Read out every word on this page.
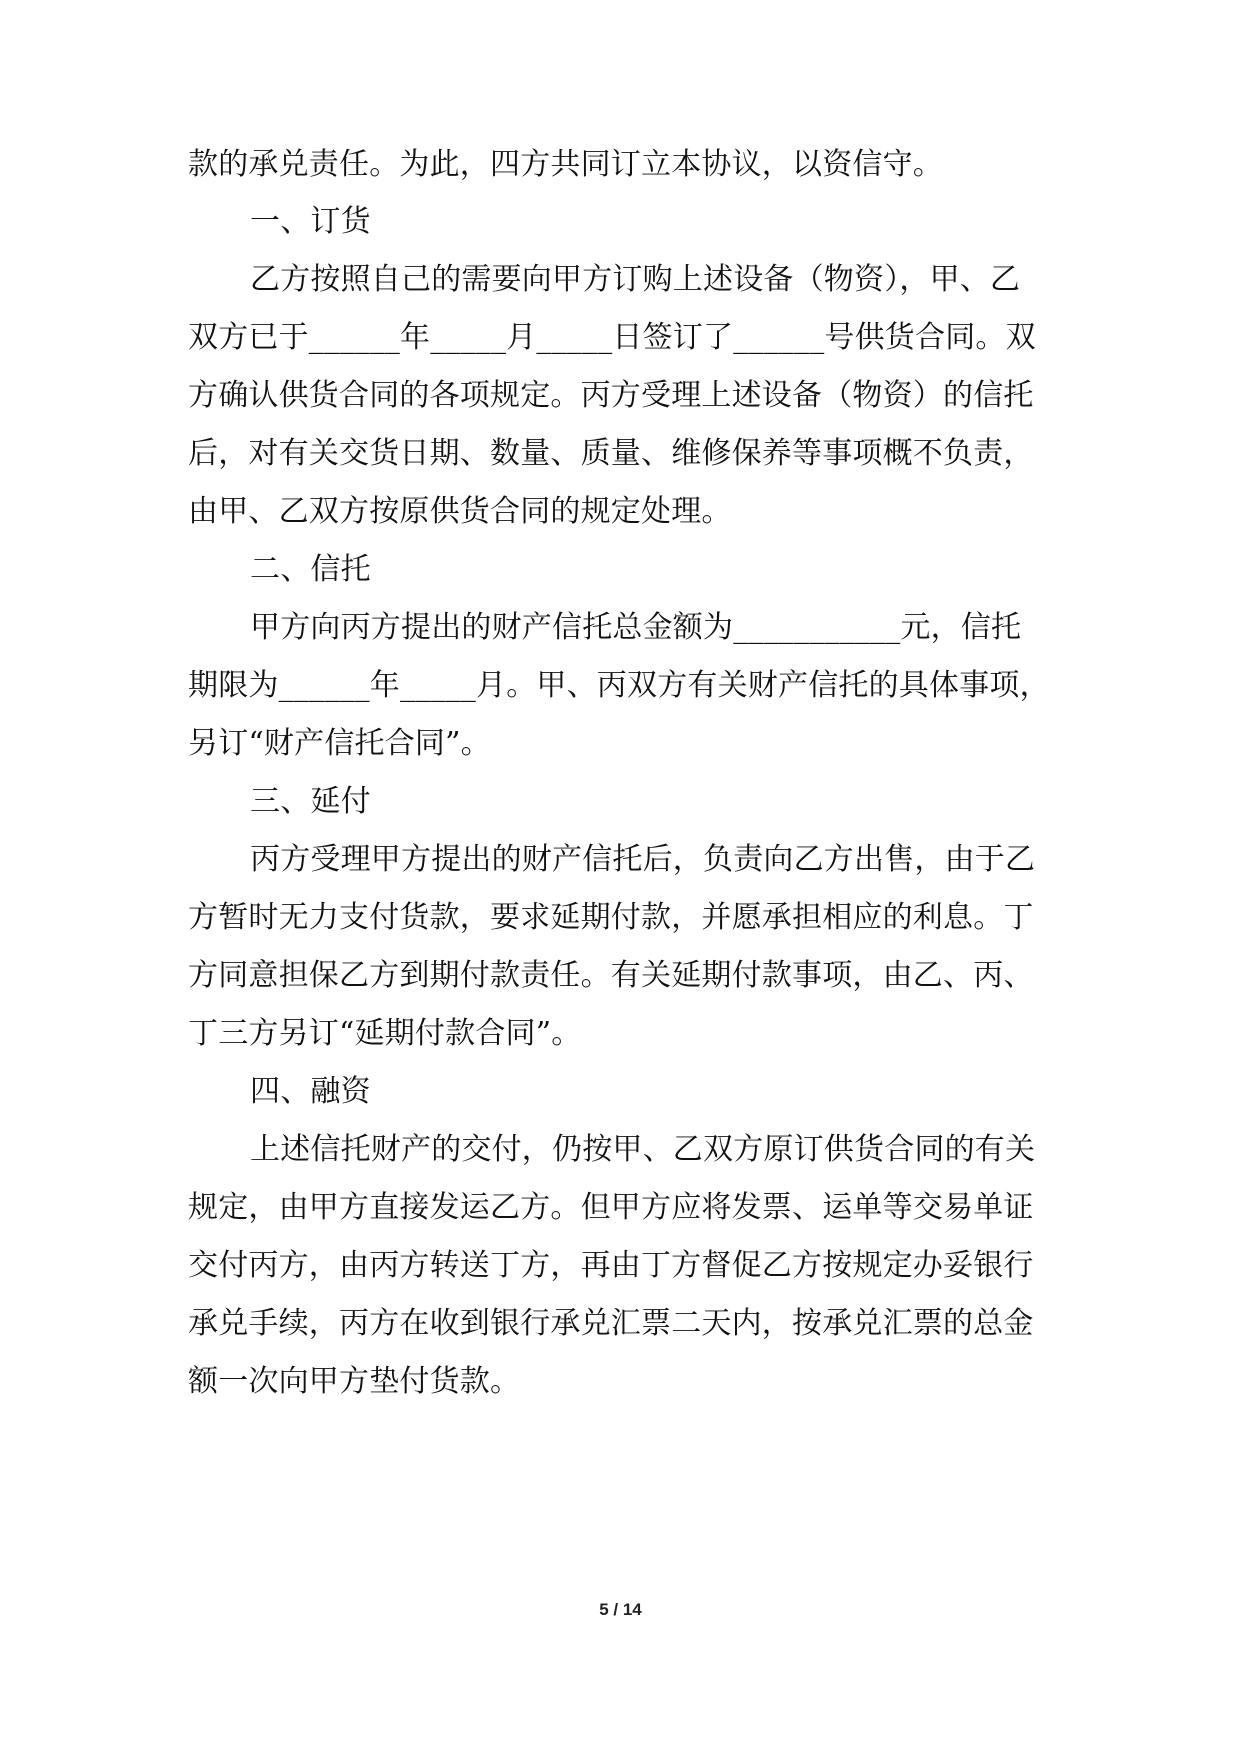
款的承兑责任。为此，四方共同订立本协议，以资信守。
一、订货
乙方按照自己的需要向甲方订购上述设备（物资），甲、乙
双方已于______年_____月_____日签订了______号供货合同。双
方确认供货合同的各项规定。丙方受理上述设备（物资）的信托
后，对有关交货日期、数量、质量、维修保养等事项概不负责，
由甲、乙双方按原供货合同的规定处理。
二、信托
甲方向丙方提出的财产信托总金额为___________元，信托
期限为______年_____月。甲、丙双方有关财产信托的具体事项，
另订“财产信托合同”。
三、延付
丙方受理甲方提出的财产信托后，负责向乙方出售，由于乙
方暂时无力支付货款，要求延期付款，并愿承担相应的利息。丁
方同意担保乙方到期付款责任。有关延期付款事项，由乙、丙、
丁三方另订“延期付款合同”。
四、融资
上述信托财产的交付，仍按甲、乙双方原订供货合同的有关
规定，由甲方直接发运乙方。但甲方应将发票、运单等交易单证
交付丙方，由丙方转送丁方，再由丁方督促乙方按规定办妥银行
承兑手续，丙方在收到银行承兑汇票二天内，按承兑汇票的总金
额一次向甲方垫付货款。
5 / 14
